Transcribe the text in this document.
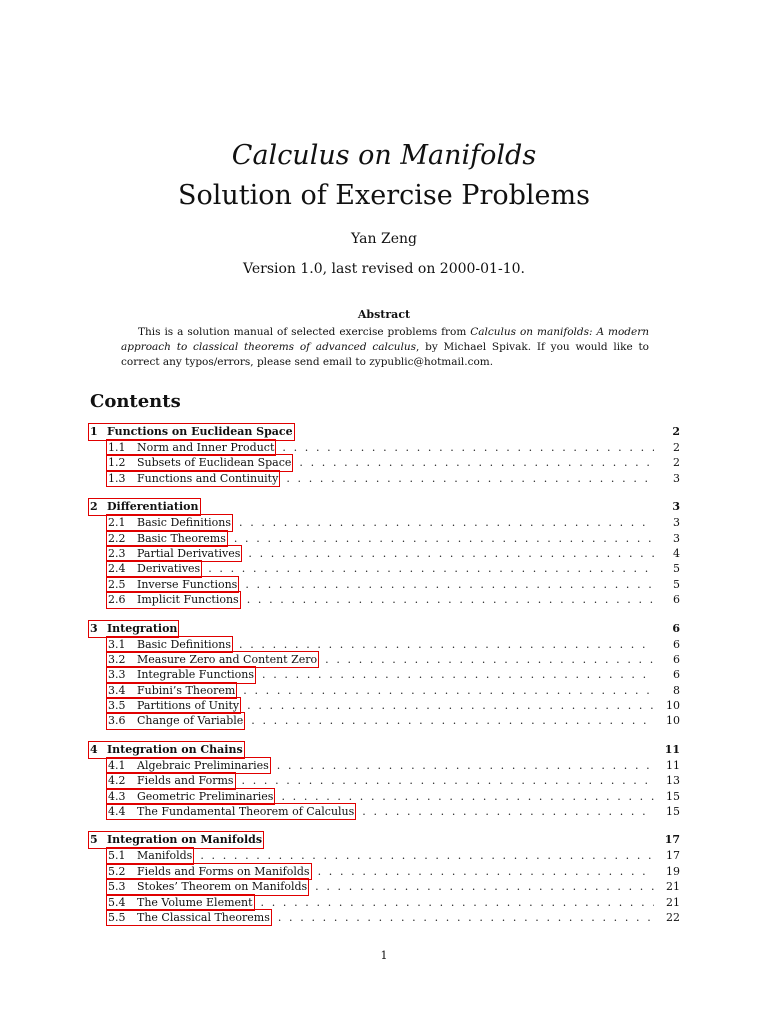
Calculus on Manifolds
Solution of Exercise Problems
Yan Zeng
Version 1.0, last revised on 2000-01-10.
Abstract
This is a solution manual of selected exercise problems from Calculus on manifolds: A modern approach to classical theorems of advanced calculus, by Michael Spivak. If you would like to correct any typos/errors, please send email to zypublic@hotmail.com.
Contents
1 Functions on Euclidean Space	2
1.1	Norm and Inner Product . . .	2
1.2	Subsets of Euclidean Space . . .	2
1.3	Functions and Continuity . . .	3
2 Differentiation	3
2.1	Basic Definitions . . .	3
2.2	Basic Theorems . . .	3
2.3	Partial Derivatives . . .	4
2.4	Derivatives . . .	5
2.5	Inverse Functions . . .	5
2.6	Implicit Functions . . .	6
3 Integration	6
3.1	Basic Definitions . . .	6
3.2	Measure Zero and Content Zero . . .	6
3.3	Integrable Functions . . .	6
3.4	Fubini’s Theorem . . .	8
3.5	Partitions of Unity . . .	10
3.6	Change of Variable . . .	10
4 Integration on Chains	11
4.1	Algebraic Preliminaries . . .	11
4.2	Fields and Forms . . .	13
4.3	Geometric Preliminaries . . .	15
4.4	The Fundamental Theorem of Calculus . . .	15
5 Integration on Manifolds	17
5.1	Manifolds . . .	17
5.2	Fields and Forms on Manifolds . . .	19
5.3	Stokes’ Theorem on Manifolds . . .	21
5.4	The Volume Element . . .	21
5.5	The Classical Theorems . . .	22
1
